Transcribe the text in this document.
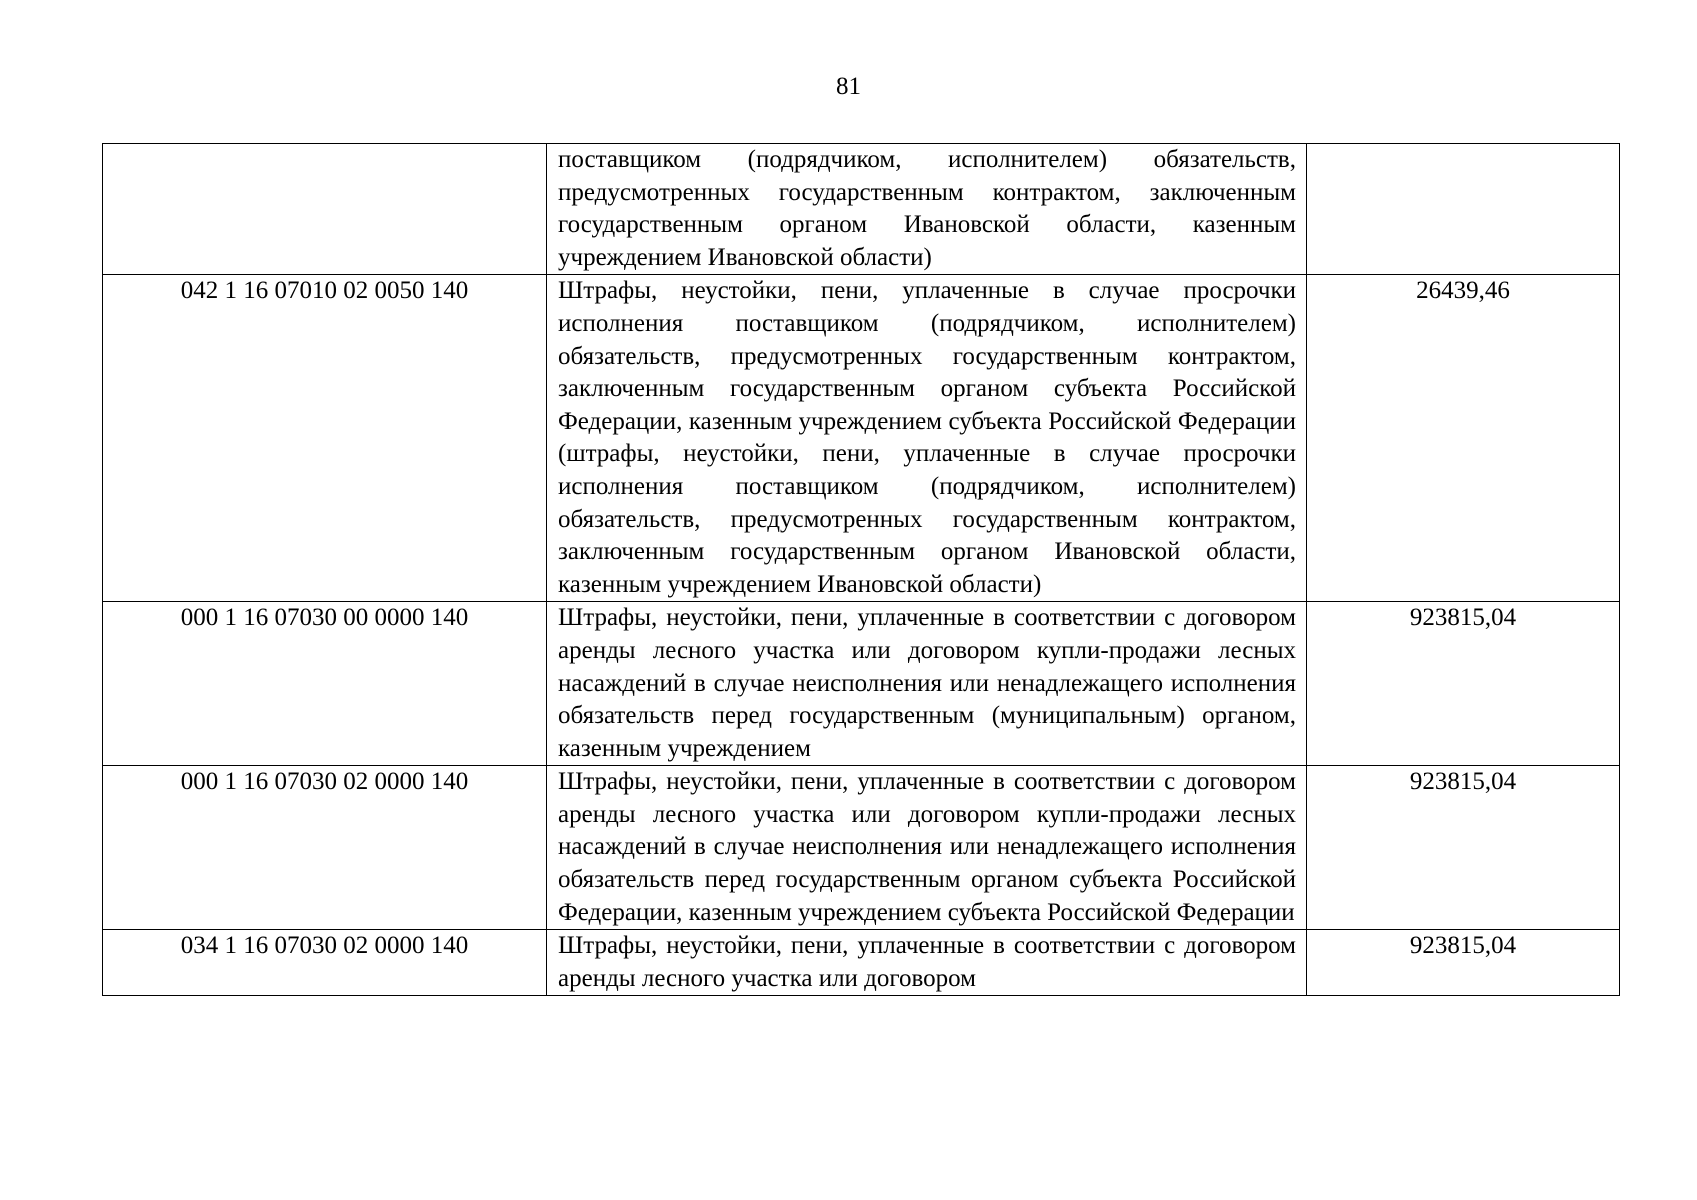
81
	поставщиком (подрядчиком, исполнителем) обязательств, предусмотренных государственным контрактом, заключенным государственным органом Ивановской области, казенным учреждением Ивановской области)	
042 1 16 07010 02 0050 140	Штрафы, неустойки, пени, уплаченные в случае просрочки исполнения поставщиком (подрядчиком, исполнителем) обязательств, предусмотренных государственным контрактом, заключенным государственным органом субъекта Российской Федерации, казенным учреждением субъекта Российской Федерации (штрафы, неустойки, пени, уплаченные в случае просрочки исполнения поставщиком (подрядчиком, исполнителем) обязательств, предусмотренных государственным контрактом, заключенным государственным органом Ивановской области, казенным учреждением Ивановской области)	26439,46
000 1 16 07030 00 0000 140	Штрафы, неустойки, пени, уплаченные в соответствии с договором аренды лесного участка или договором купли-продажи лесных насаждений в случае неисполнения или ненадлежащего исполнения обязательств перед государственным (муниципальным) органом, казенным учреждением	923815,04
000 1 16 07030 02 0000 140	Штрафы, неустойки, пени, уплаченные в соответствии с договором аренды лесного участка или договором купли-продажи лесных насаждений в случае неисполнения или ненадлежащего исполнения обязательств перед государственным органом субъекта Российской Федерации, казенным учреждением субъекта Российской Федерации	923815,04
034 1 16 07030 02 0000 140	Штрафы, неустойки, пени, уплаченные в соответствии с договором аренды лесного участка или договором	923815,04
